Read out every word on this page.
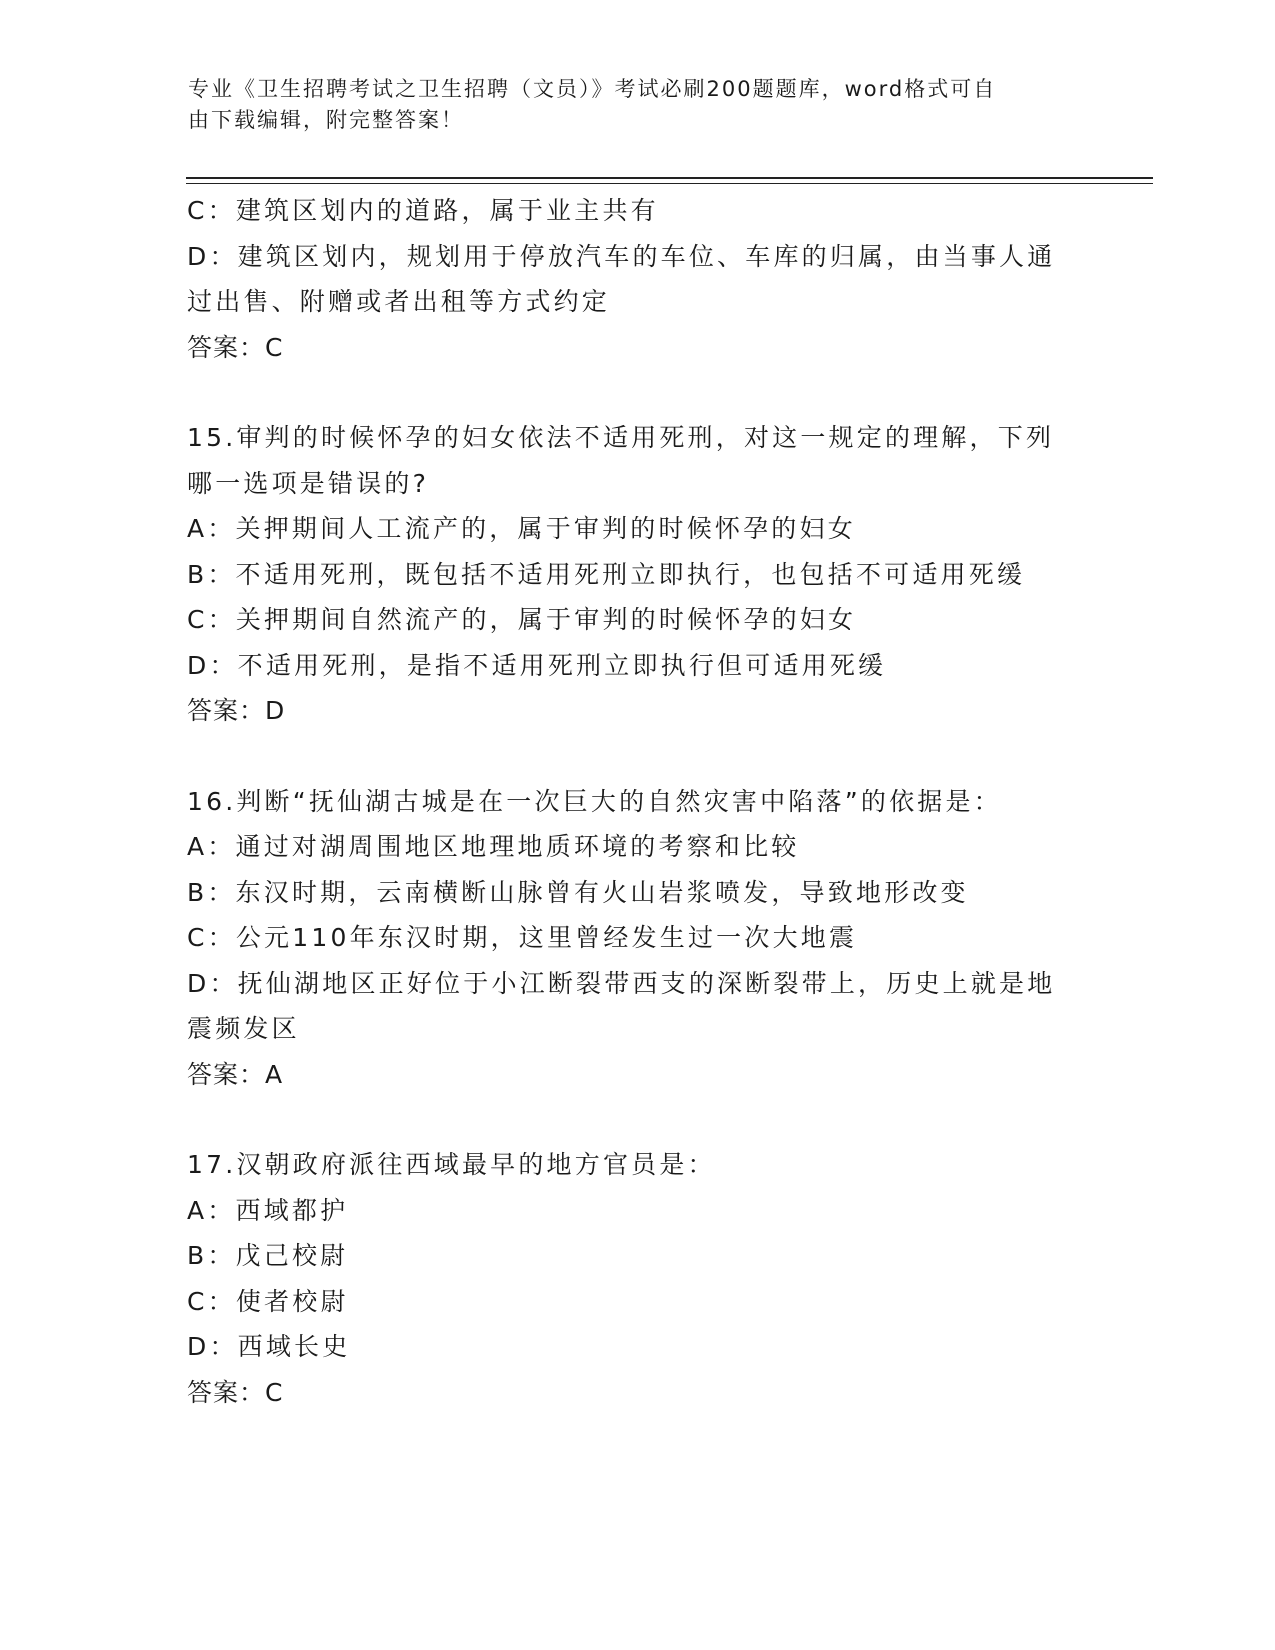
专业《卫生招聘考试之卫生招聘（文员）》考试必刷200题题库，word格式可自
由下载编辑，附完整答案！
C：建筑区划内的道路，属于业主共有
D：建筑区划内，规划用于停放汽车的车位、车库的归属，由当事人通
过出售、附赠或者出租等方式约定
答案：C
15.审判的时候怀孕的妇女依法不适用死刑，对这一规定的理解，下列
哪一选项是错误的?
A：关押期间人工流产的，属于审判的时候怀孕的妇女
B：不适用死刑，既包括不适用死刑立即执行，也包括不可适用死缓
C：关押期间自然流产的，属于审判的时候怀孕的妇女
D：不适用死刑，是指不适用死刑立即执行但可适用死缓
答案：D
16.判断“抚仙湖古城是在一次巨大的自然灾害中陷落”的依据是：
A：通过对湖周围地区地理地质环境的考察和比较
B：东汉时期，云南横断山脉曾有火山岩浆喷发，导致地形改变
C：公元110年东汉时期，这里曾经发生过一次大地震
D：抚仙湖地区正好位于小江断裂带西支的深断裂带上，历史上就是地
震频发区
答案：A
17.汉朝政府派往西域最早的地方官员是：
A：西域都护
B：戊己校尉
C：使者校尉
D：西域长史
答案：C
